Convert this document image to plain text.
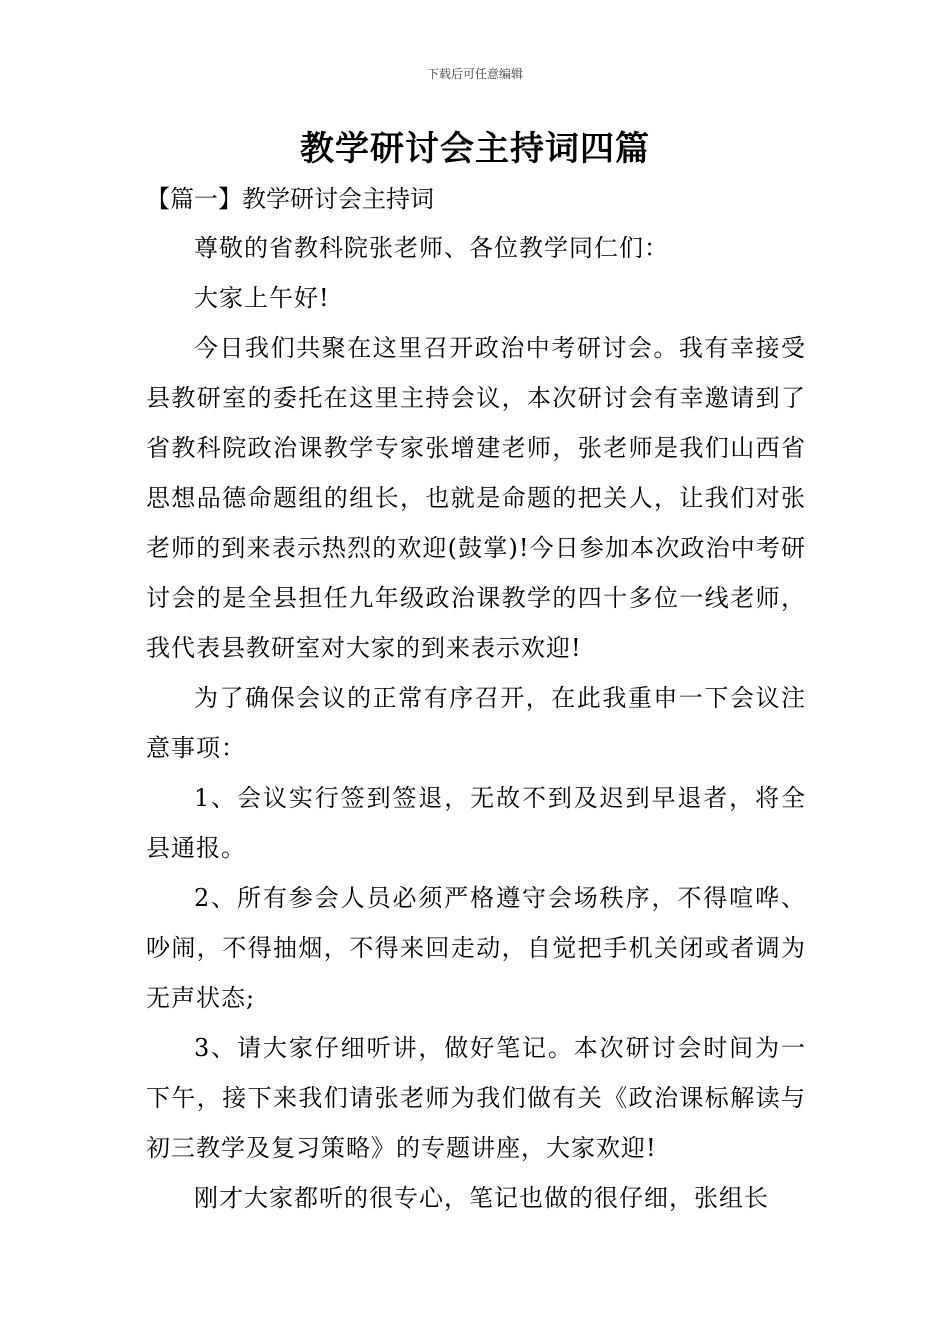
下载后可任意编辑
教学研讨会主持词四篇
【篇一】教学研讨会主持词

尊敬的省教科院张老师、各位教学同仁们：

大家上午好!

今日我们共聚在这里召开政治中考研讨会。我有幸接受县教研室的委托在这里主持会议，本次研讨会有幸邀请到了省教科院政治课教学专家张增建老师，张老师是我们山西省思想品德命题组的组长，也就是命题的把关人，让我们对张老师的到来表示热烈的欢迎(鼓掌)!今日参加本次政治中考研讨会的是全县担任九年级政治课教学的四十多位一线老师，我代表县教研室对大家的到来表示欢迎!

为了确保会议的正常有序召开，在此我重申一下会议注意事项：

1、会议实行签到签退，无故不到及迟到早退者，将全县通报。

2、所有参会人员必须严格遵守会场秩序，不得喧哗、吵闹，不得抽烟，不得来回走动，自觉把手机关闭或者调为无声状态;

3、请大家仔细听讲，做好笔记。本次研讨会时间为一下午，接下来我们请张老师为我们做有关《政治课标解读与初三教学及复习策略》的专题讲座，大家欢迎!

刚才大家都听的很专心，笔记也做的很仔细，张组长
